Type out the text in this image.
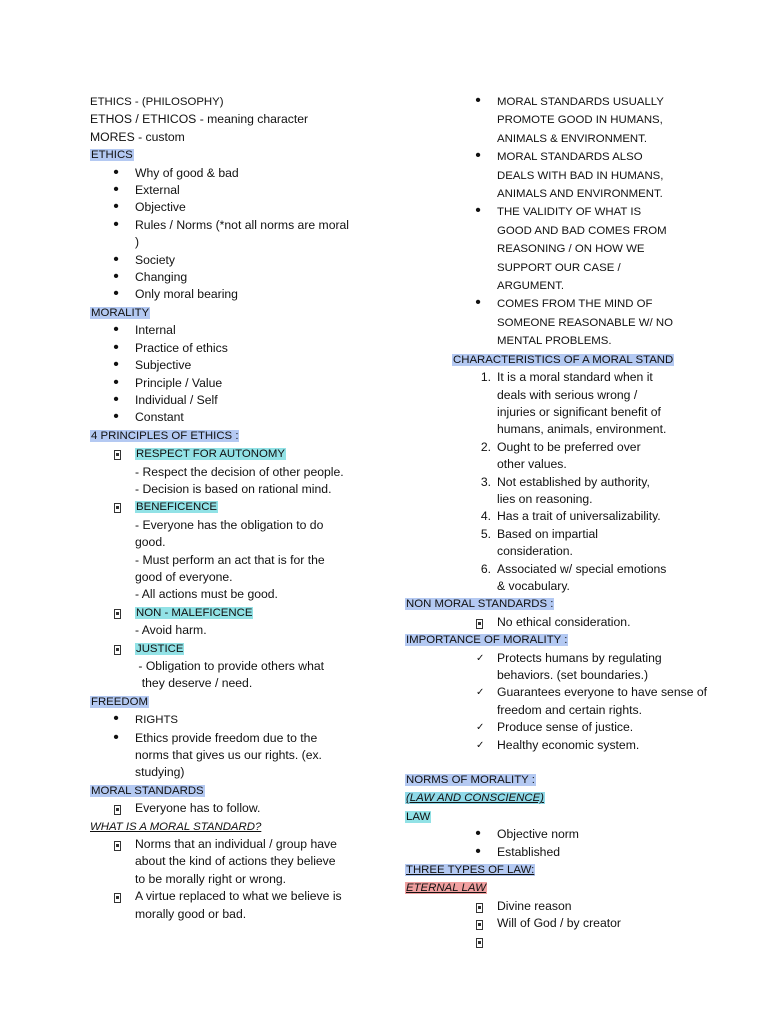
ETHICS - (PHILOSOPHY)
ETHOS / ETHICOS - meaning character
MORES - custom
ETHICS
•
Why of good & bad
•
External
•
Objective
•
Rules / Norms (*not all norms are moral
)
•
Society
•
Changing
•
Only moral bearing
MORALITY
•
Internal
•
Practice of ethics
•
Subjective
•
Principle / Value
•
Individual / Self
•
Constant
4 PRINCIPLES OF ETHICS :
RESPECT FOR AUTONOMY
- Respect the decision of other people.
- Decision is based on rational mind.
BENEFICENCE
- Everyone has the obligation to do
good.
- Must perform an act that is for the
good of everyone.
- All actions must be good.
NON - MALEFICENCE
- Avoid harm.
JUSTICE
- Obligation to provide others what
they deserve / need.
FREEDOM
•
RIGHTS
•
Ethics provide freedom due to the
norms that gives us our rights. (ex.
studying)
MORAL STANDARDS
Everyone has to follow.
WHAT IS A MORAL STANDARD?
Norms that an individual / group have
about the kind of actions they believe
to be morally right or wrong.
A virtue replaced to what we believe is
morally good or bad.
•
MORAL STANDARDS USUALLY
PROMOTE GOOD IN HUMANS,
ANIMALS & ENVIRONMENT.
•
MORAL STANDARDS ALSO
DEALS WITH BAD IN HUMANS,
ANIMALS AND ENVIRONMENT.
•
THE VALIDITY OF WHAT IS
GOOD AND BAD COMES FROM
REASONING / ON HOW WE
SUPPORT OUR CASE /
ARGUMENT.
•
COMES FROM THE MIND OF
SOMEONE REASONABLE W/ NO
MENTAL PROBLEMS.
CHARACTERISTICS OF A MORAL STAND
1. It is a moral standard when it
deals with serious wrong /
injuries or significant benefit of
humans, animals, environment.
2. Ought to be preferred over
other values.
3. Not established by authority,
lies on reasoning.
4. Has a trait of universalizability.
5. Based on impartial
consideration.
6. Associated w/ special emotions
& vocabulary.
NON MORAL STANDARDS :
No ethical consideration.
IMPORTANCE OF MORALITY :
✓ Protects humans by regulating
behaviors. (set boundaries.)
✓ Guarantees everyone to have sense of
freedom and certain rights.
✓ Produce sense of justice.
✓ Healthy economic system.
NORMS OF MORALITY :
(LAW AND CONSCIENCE)
LAW
•
Objective norm
•
Established
THREE TYPES OF LAW:
ETERNAL LAW
Divine reason
Will of God / by creator
